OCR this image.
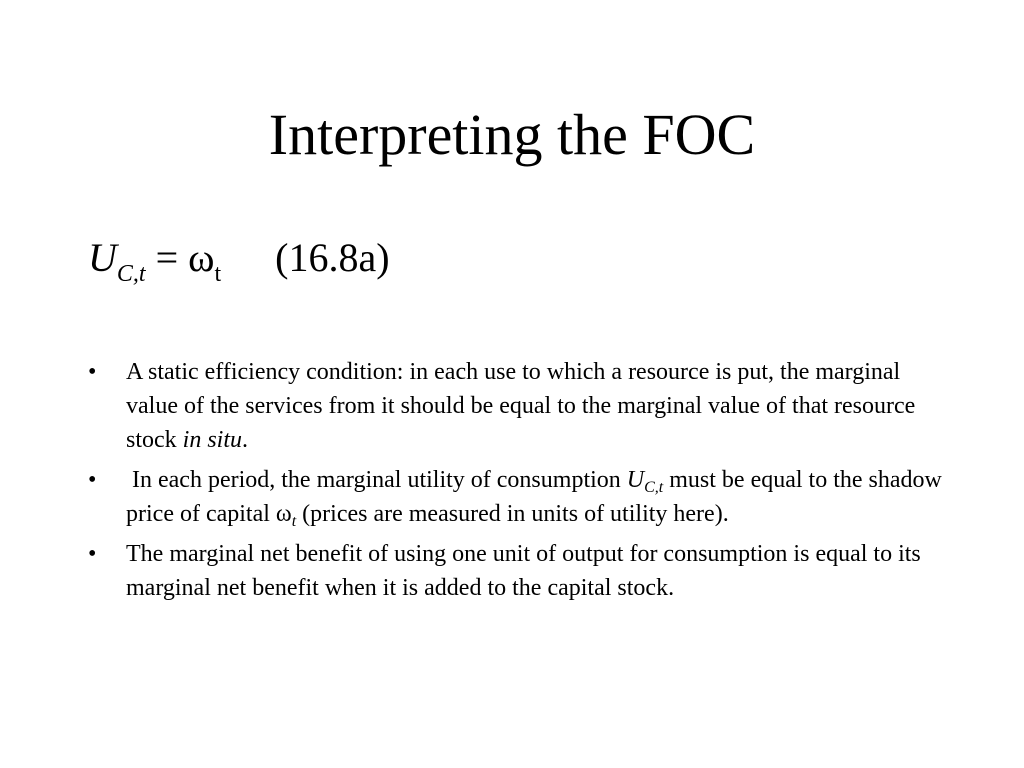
Interpreting the FOC
$U_{C,t} = \omega_t$ (16.8a)
• A static efficiency condition: in each use to which a resource is put, the marginal value of the services from it should be equal to the marginal value of that resource stock in situ.
• In each period, the marginal utility of consumption $U_{C,t}$ must be equal to the shadow price of capital $\omega_t$ (prices are measured in units of utility here).
• The marginal net benefit of using one unit of output for consumption is equal to its marginal net benefit when it is added to the capital stock.
